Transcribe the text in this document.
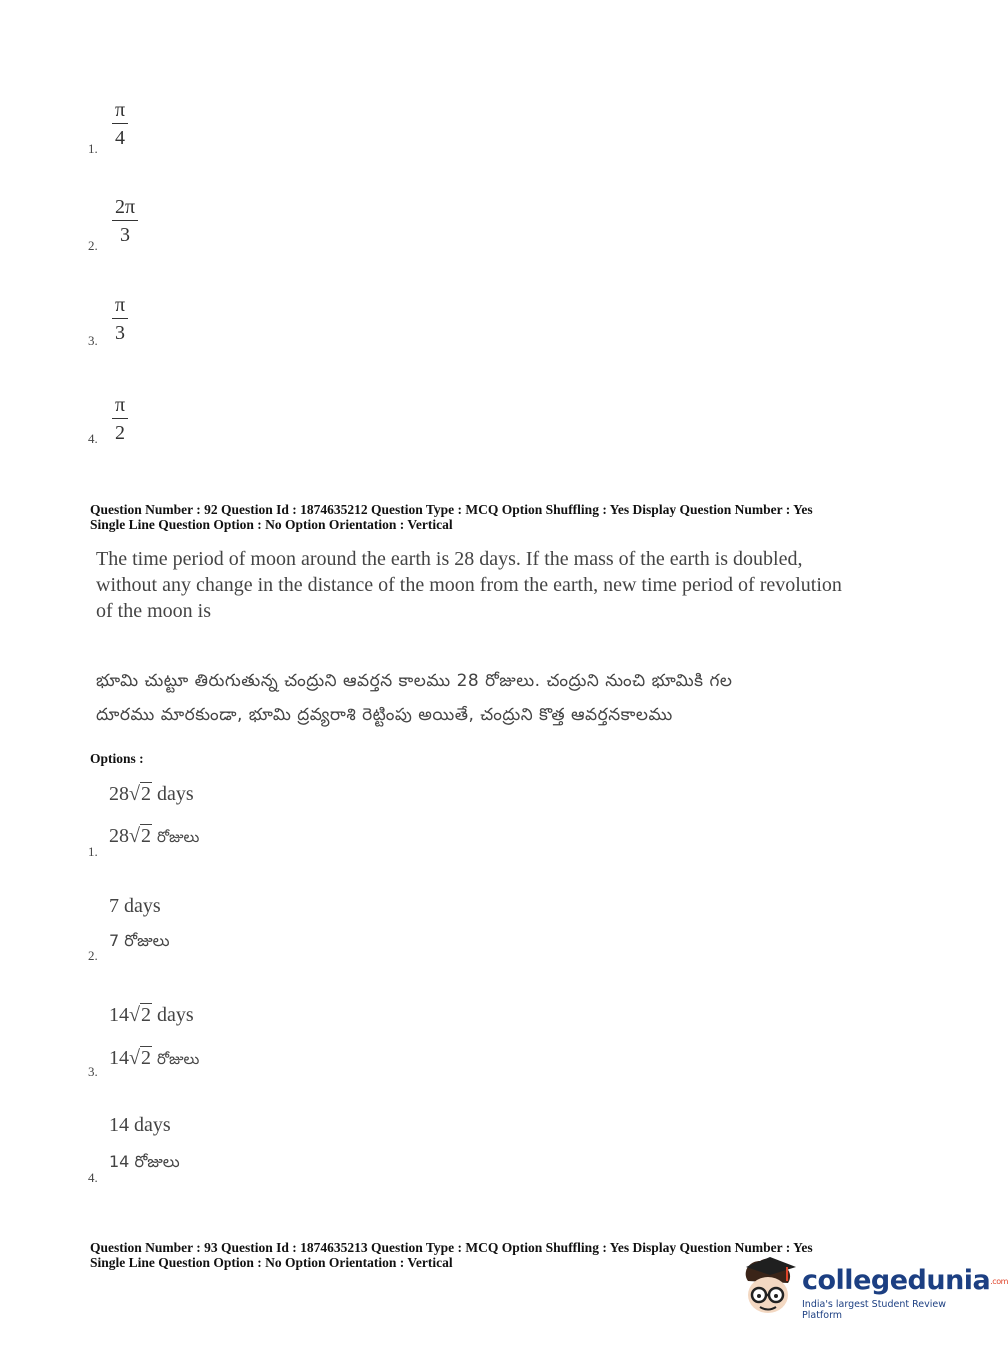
1.
$\frac{\pi}{4}$
2.
$\frac{2\pi}{3}$
3. $\frac{\pi}{3}$
4. $\frac{\pi}{2}$
Question Number : 92 Question Id : 1874635212 Question Type : MCQ Option Shuffling : Yes Display Question Number : Yes
Single Line Question Option : No Option Orientation : Vertical
The time period of moon around the earth is 28 days. If the mass of the earth is doubled,
without any change in the distance of the moon from the earth, new time period of revolution
of the moon is
భూమి చుట్టూ తిరుగుతున్న చంద్రుని ఆవర్తన కాలము 28 రోజులు. చంద్రుని నుంచి భూమికి గల
దూరము మారకుండా, భూమి ద్రవ్యరాశి రెట్టింపు అయితే, చంద్రుని కొత్త ఆవర్తనకాలము
Options :
28√2 days
28√2 రోజులు
1.
7 days
7 రోజులు
2.
14√2 days
14√2 రోజులు
3.
14 days
14 రోజులు
4.
Question Number : 93 Question Id : 1874635213 Question Type : MCQ Option Shuffling : Yes Display Question Number : Yes
Single Line Question Option : No Option Orientation : Vertical
collegedunia.com
India's largest Student Review Platform
